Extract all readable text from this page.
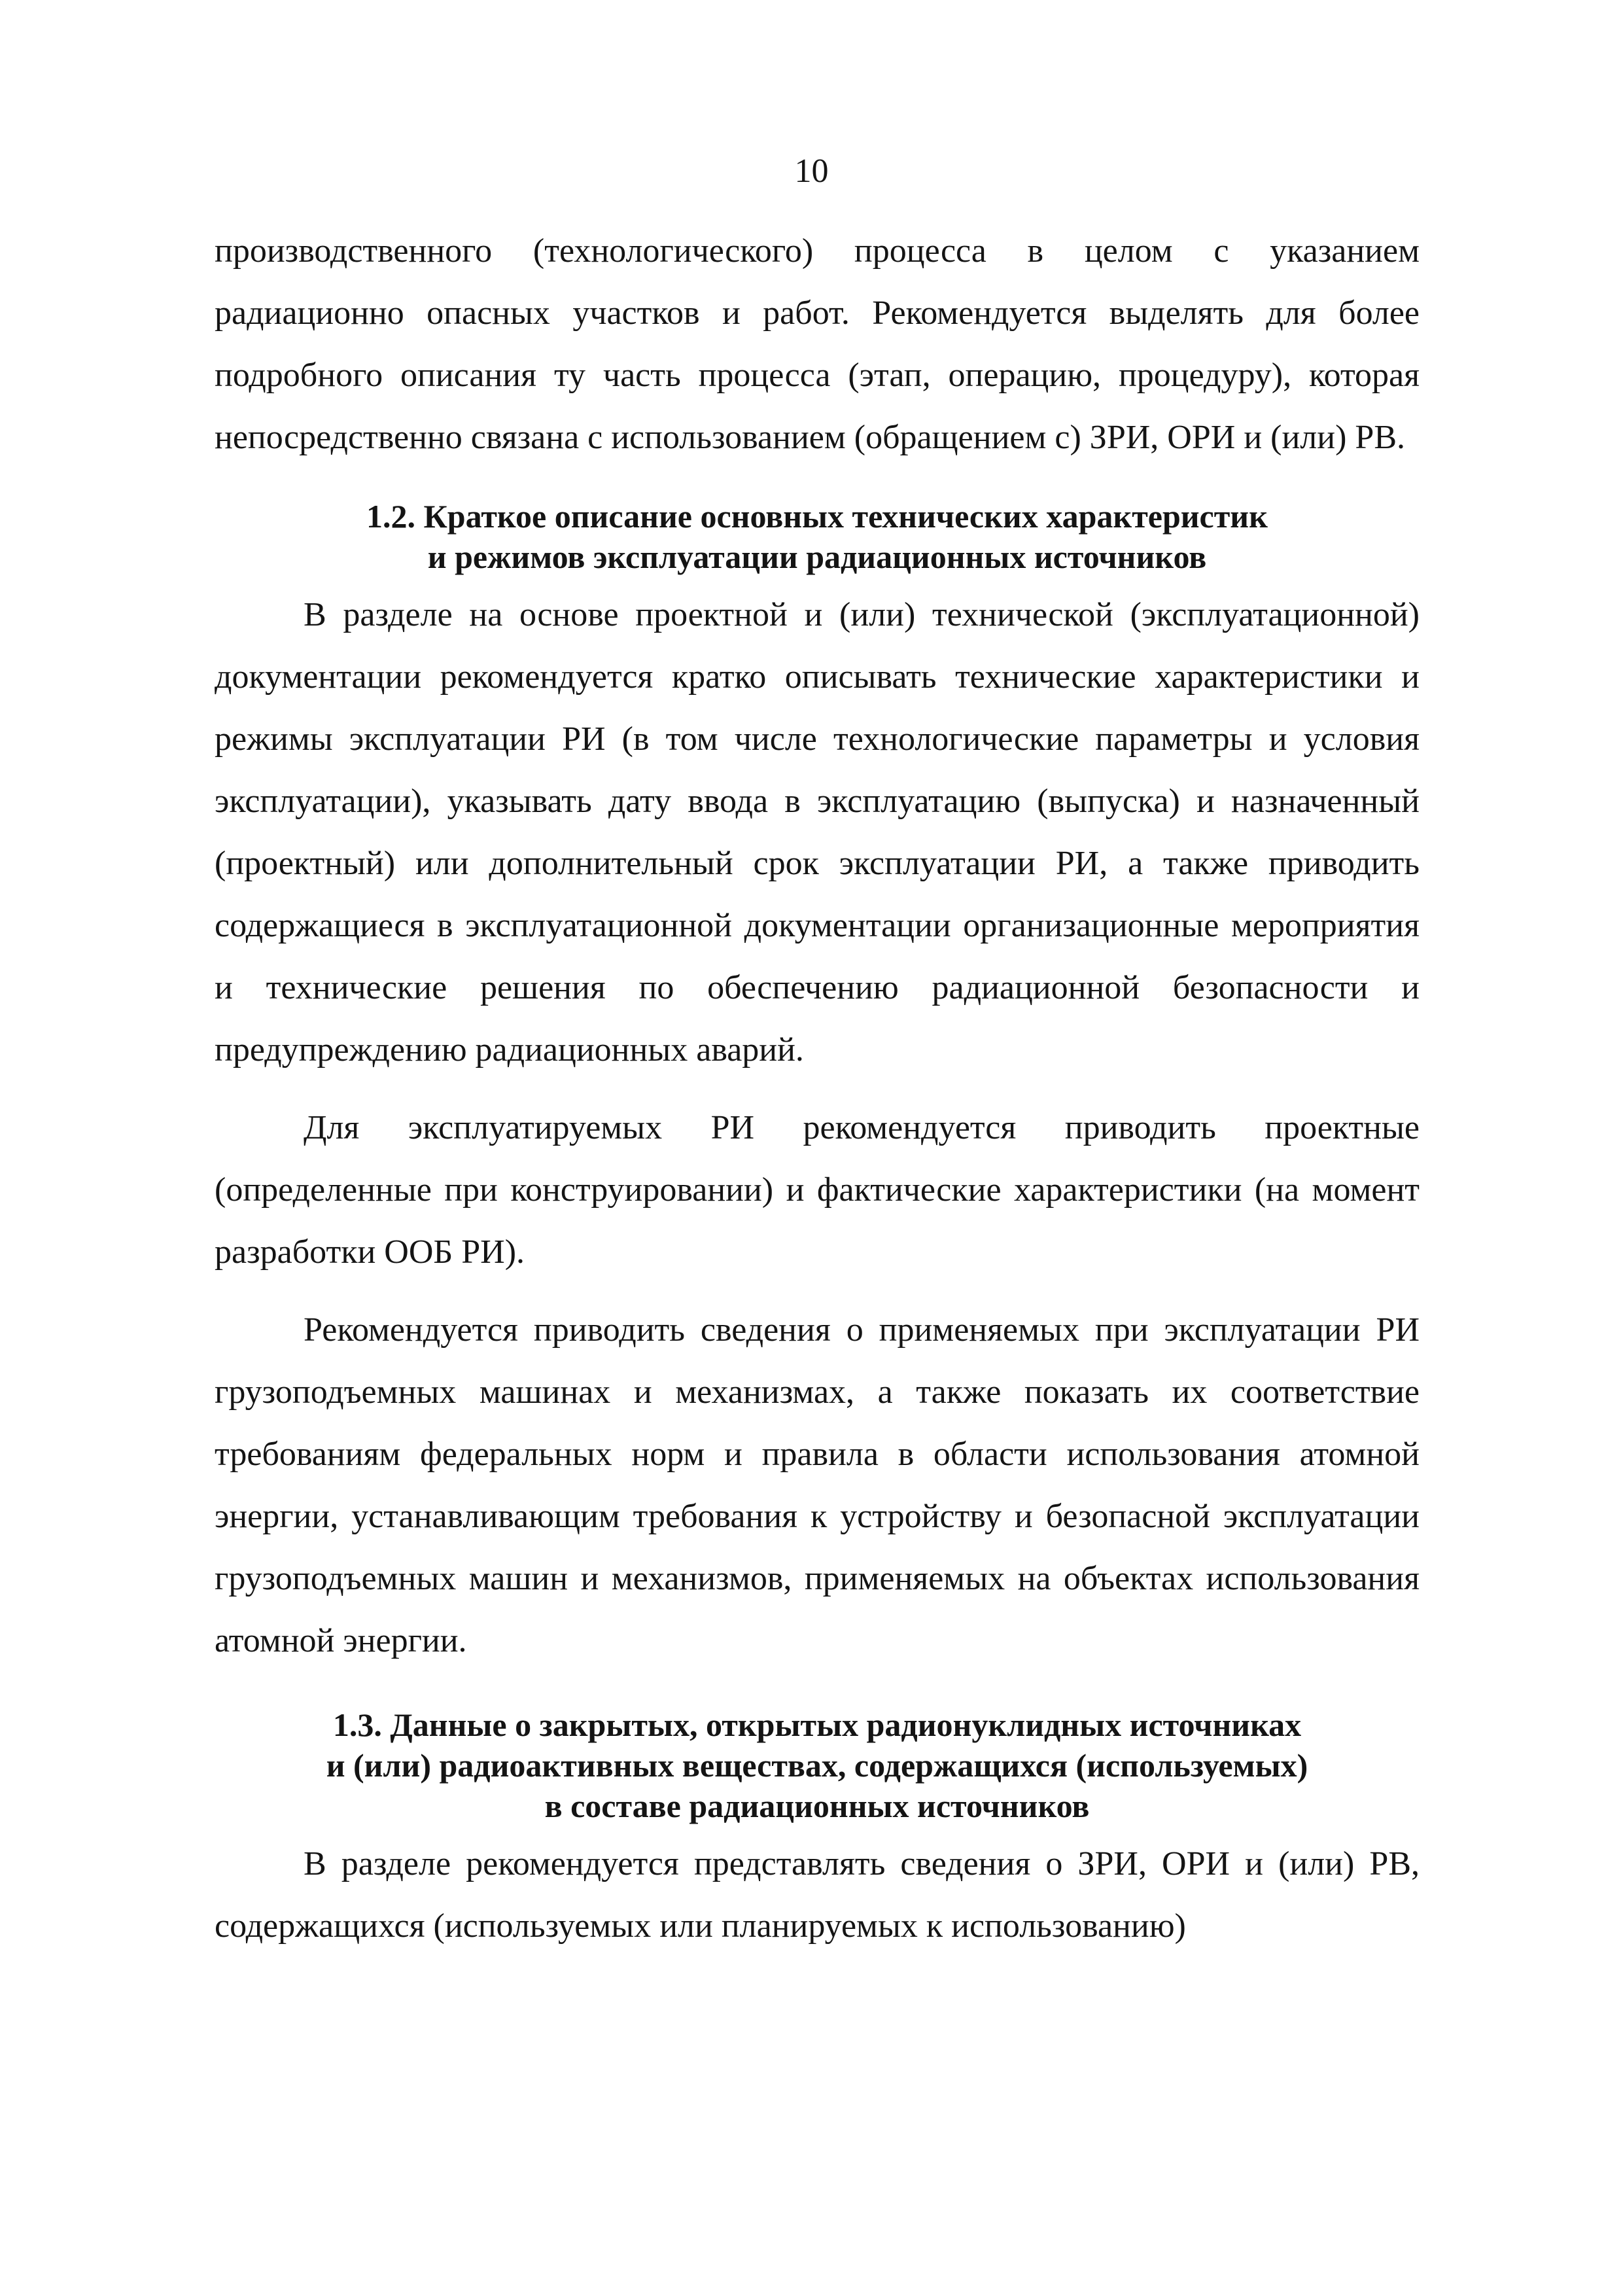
10

производственного (технологического) процесса в целом с указанием радиационно опасных участков и работ. Рекомендуется выделять для более подробного описания ту часть процесса (этап, операцию, процедуру), которая непосредственно связана с использованием (обращением с) ЗРИ, ОРИ и (или) РВ.

1.2. Краткое описание основных технических характеристик
и режимов эксплуатации радиационных источников

В разделе на основе проектной и (или) технической (эксплуатационной) документации рекомендуется кратко описывать технические характеристики и режимы эксплуатации РИ (в том числе технологические параметры и условия эксплуатации), указывать дату ввода в эксплуатацию (выпуска) и назначенный (проектный) или дополнительный срок эксплуатации РИ, а также приводить содержащиеся в эксплуатационной документации организационные мероприятия и технические решения по обеспечению радиационной безопасности и предупреждению радиационных аварий.

Для эксплуатируемых РИ рекомендуется приводить проектные (определенные при конструировании) и фактические характеристики (на момент разработки ООБ РИ).

Рекомендуется приводить сведения о применяемых при эксплуатации РИ грузоподъемных машинах и механизмах, а также показать их соответствие требованиям федеральных норм и правила в области использования атомной энергии, устанавливающим требования к устройству и безопасной эксплуатации грузоподъемных машин и механизмов, применяемых на объектах использования атомной энергии.

1.3. Данные о закрытых, открытых радионуклидных источниках
и (или) радиоактивных веществах, содержащихся (используемых)
в составе радиационных источников

В разделе рекомендуется представлять сведения о ЗРИ, ОРИ и (или) РВ, содержащихся (используемых или планируемых к использованию)
